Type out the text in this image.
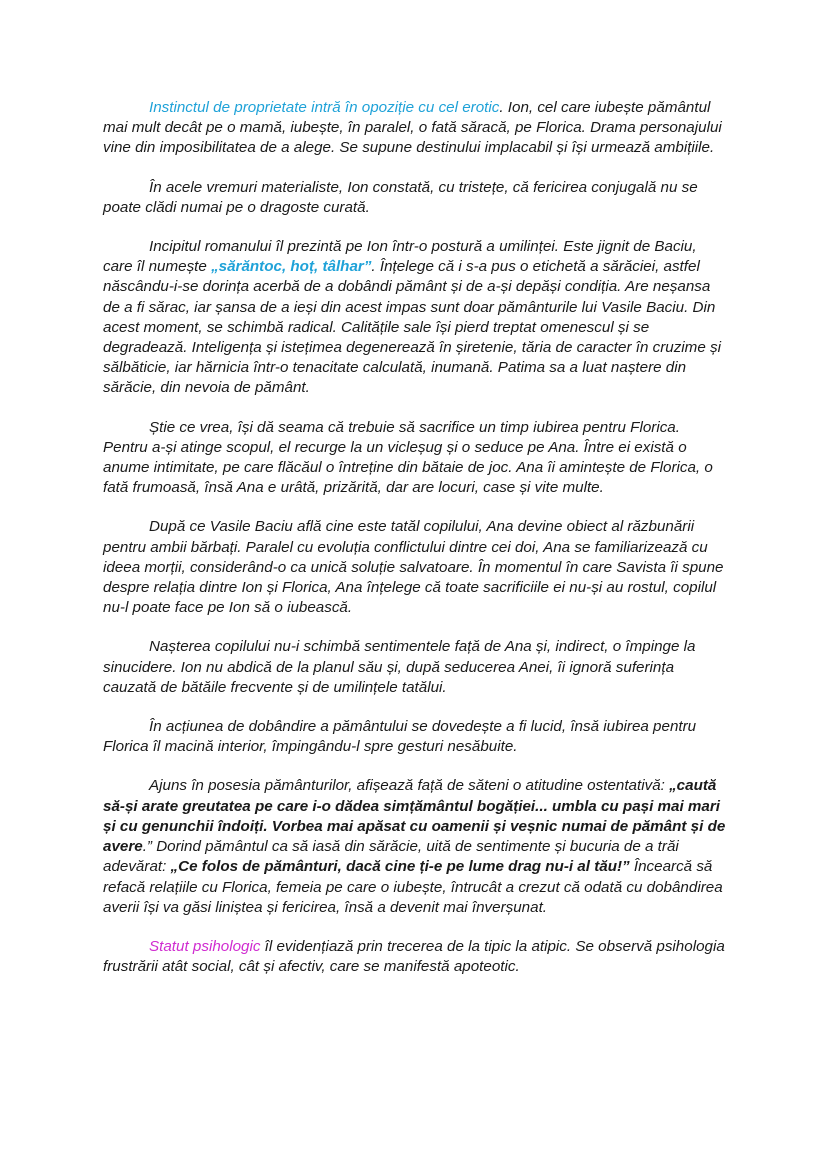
Instinctul de proprietate intră în opoziție cu cel erotic. Ion, cel care iubește pământul mai mult decât pe o mamă, iubește, în paralel, o fată săracă, pe Florica. Drama personajului vine din imposibilitatea de a alege. Se supune destinului implacabil și își urmează ambițiile.

În acele vremuri materialiste, Ion constată, cu tristețe, că fericirea conjugală nu se poate clădi numai pe o dragoste curată.

Incipitul romanului îl prezintă pe Ion într-o postură a umilinței. Este jignit de Baciu, care îl numește „sărăntoc, hoț, tâlhar”. Înțelege că i s-a pus o etichetă a sărăciei, astfel născându-i-se dorința acerbă de a dobândi pământ și de a-și depăși condiția. Are neșansa de a fi sărac, iar șansa de a ieși din acest impas sunt doar pământurile lui Vasile Baciu. Din acest moment, se schimbă radical. Calitățile sale își pierd treptat omenescul și se degradează. Inteligența și istețimea degenerează în șiretenie, tăria de caracter în cruzime și sălbăticie, iar hărnicia într-o tenacitate calculată, inumană. Patima sa a luat naștere din sărăcie, din nevoia de pământ.

Știe ce vrea, își dă seama că trebuie să sacrifice un timp iubirea pentru Florica. Pentru a-și atinge scopul, el recurge la un vicleșug și o seduce pe Ana. Între ei există o anume intimitate, pe care flăcăul o întreține din bătaie de joc. Ana îi amintește de Florica, o fată frumoasă, însă Ana e urâtă, prizărită, dar are locuri, case și vite multe.

După ce Vasile Baciu află cine este tatăl copilului, Ana devine obiect al răzbunării pentru ambii bărbați. Paralel cu evoluția conflictului dintre cei doi, Ana se familiarizează cu ideea morții, considerând-o ca unică soluție salvatoare. În momentul în care Savista îi spune despre relația dintre Ion și Florica, Ana înțelege că toate sacrificiile ei nu-și au rostul, copilul nu-l poate face pe Ion să o iubească.

Nașterea copilului nu-i schimbă sentimentele față de Ana și, indirect, o împinge la sinucidere. Ion nu abdică de la planul său și, după seducerea Anei, îi ignoră suferința cauzată de bătăile frecvente și de umilințele tatălui.

În acțiunea de dobândire a pământului se dovedește a fi lucid, însă iubirea pentru Florica îl macină interior, împingându-l spre gesturi nesăbuite.

Ajuns în posesia pământurilor, afișează față de săteni o atitudine ostentativă: „caută să-și arate greutatea pe care i-o dădea simțământul bogăției... umbla cu pași mai mari și cu genunchii îndoiți. Vorbea mai apăsat cu oamenii și veșnic numai de pământ și de avere.” Dorind pământul ca să iasă din sărăcie, uită de sentimente și bucuria de a trăi adevărat: „Ce folos de pământuri, dacă cine ți-e pe lume drag nu-i al tău!” Încearcă să refacă relațiile cu Florica, femeia pe care o iubește, întrucât a crezut că odată cu dobândirea averii își va găsi liniștea și fericirea, însă a devenit mai înverșunat.

Statut psihologic îl evidențiază prin trecerea de la tipic la atipic. Se observă psihologia frustrării atât social, cât și afectiv, care se manifestă apoteotic.
